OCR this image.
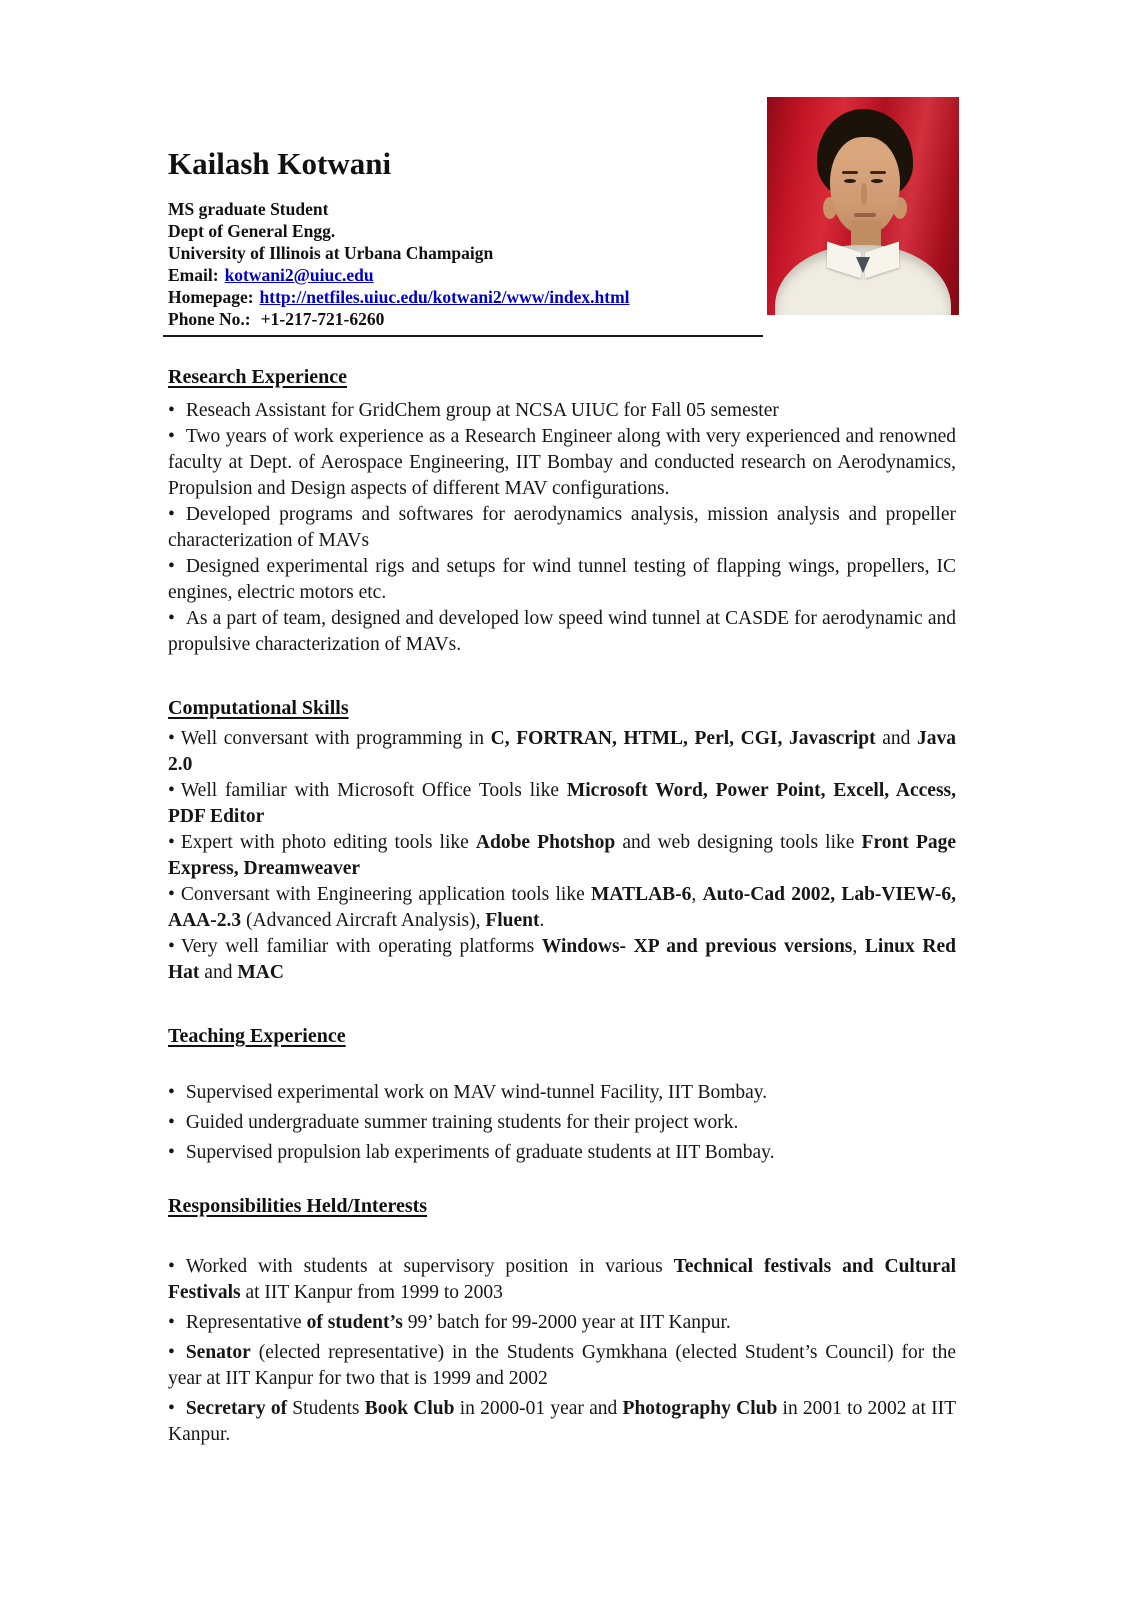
Kailash Kotwani
MS graduate Student
Dept of General Engg.
University of Illinois at Urbana Champaign
Email: kotwani2@uiuc.edu
Homepage: http://netfiles.uiuc.edu/kotwani2/www/index.html
Phone No.: +1-217-721-6260
Research Experience

• Reseach Assistant for GridChem group at NCSA UIUC for Fall 05 semester

• Two years of work experience as a Research Engineer along with very experienced and renowned faculty at Dept. of Aerospace Engineering, IIT Bombay and conducted research on Aerodynamics, Propulsion and Design aspects of different MAV configurations.

• Developed programs and softwares for aerodynamics analysis, mission analysis and propeller characterization of MAVs

• Designed experimental rigs and setups for wind tunnel testing of flapping wings, propellers, IC engines, electric motors etc.

• As a part of team, designed and developed low speed wind tunnel at CASDE for aerodynamic and propulsive characterization of MAVs.

Computational Skills

• Well conversant with programming in C, FORTRAN, HTML, Perl, CGI, Javascript and Java 2.0

• Well familiar with Microsoft Office Tools like Microsoft Word, Power Point, Excell, Access, PDF Editor

• Expert with photo editing tools like Adobe Photshop and web designing tools like Front Page Express, Dreamweaver

• Conversant with Engineering application tools like MATLAB-6, Auto-Cad 2002, Lab-VIEW-6, AAA-2.3 (Advanced Aircraft Analysis), Fluent.

• Very well familiar with operating platforms Windows- XP and previous versions, Linux Red Hat and MAC

Teaching Experience

• Supervised experimental work on MAV wind-tunnel Facility, IIT Bombay.

• Guided undergraduate summer training students for their project work.

• Supervised propulsion lab experiments of graduate students at IIT Bombay.

Responsibilities Held/Interests

• Worked with students at supervisory position in various Technical festivals and Cultural Festivals at IIT Kanpur from 1999 to 2003

• Representative of student’s 99’ batch for 99-2000 year at IIT Kanpur.

• Senator (elected representative) in the Students Gymkhana (elected Student’s Council) for the year at IIT Kanpur for two that is 1999 and 2002

• Secretary of Students Book Club in 2000-01 year and Photography Club in 2001 to 2002 at IIT Kanpur.
